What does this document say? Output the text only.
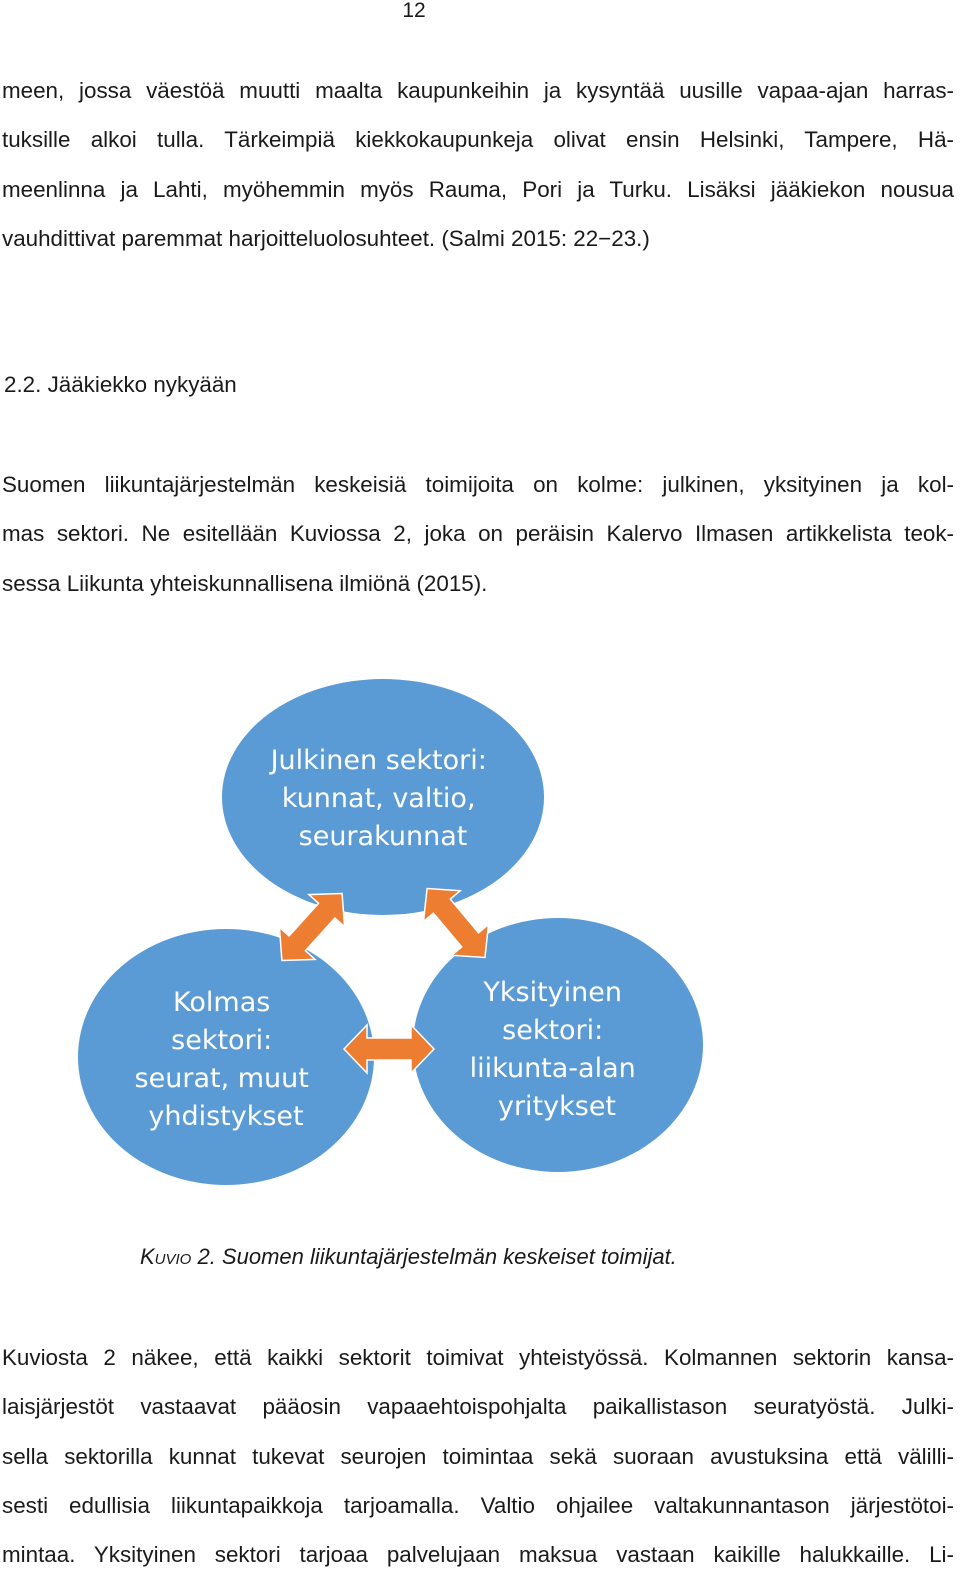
12

meen, jossa väestöä muutti maalta kaupunkeihin ja kysyntää uusille vapaa-ajan harras-
tuksille alkoi tulla. Tärkeimpiä kiekkokaupunkeja olivat ensin Helsinki, Tampere, Hä-
meenlinna ja Lahti, myöhemmin myös Rauma, Pori ja Turku. Lisäksi jääkiekon nousua
vauhdittivat paremmat harjoitteluolosuhteet. (Salmi 2015: 22−23.)

2.2. Jääkiekko nykyään

Suomen liikuntajärjestelmän keskeisiä toimijoita on kolme: julkinen, yksityinen ja kol-
mas sektori. Ne esitellään Kuviossa 2, joka on peräisin Kalervo Ilmasen artikkelista teok-
sessa Liikunta yhteiskunnallisena ilmiönä (2015).

Julkinen sektori: kunnat, valtio, seurakunnat
Kolmas sektori: seurat, muut yhdistykset
Yksityinen sektori: liikunta-alan yritykset

Kuvio 2. Suomen liikuntajärjestelmän keskeiset toimijat.

Kuviosta 2 näkee, että kaikki sektorit toimivat yhteistyössä. Kolmannen sektorin kansa-
laisjärjestöt vastaavat pääosin vapaaehtoispohjalta paikallistason seuratyöstä. Julki-
sella sektorilla kunnat tukevat seurojen toimintaa sekä suoraan avustuksina että välilli-
sesti edullisia liikuntapaikkoja tarjoamalla. Valtio ohjailee valtakunnantason järjestötoi-
mintaa. Yksityinen sektori tarjoaa palvelujaan maksua vastaan kaikille halukkaille. Li-
